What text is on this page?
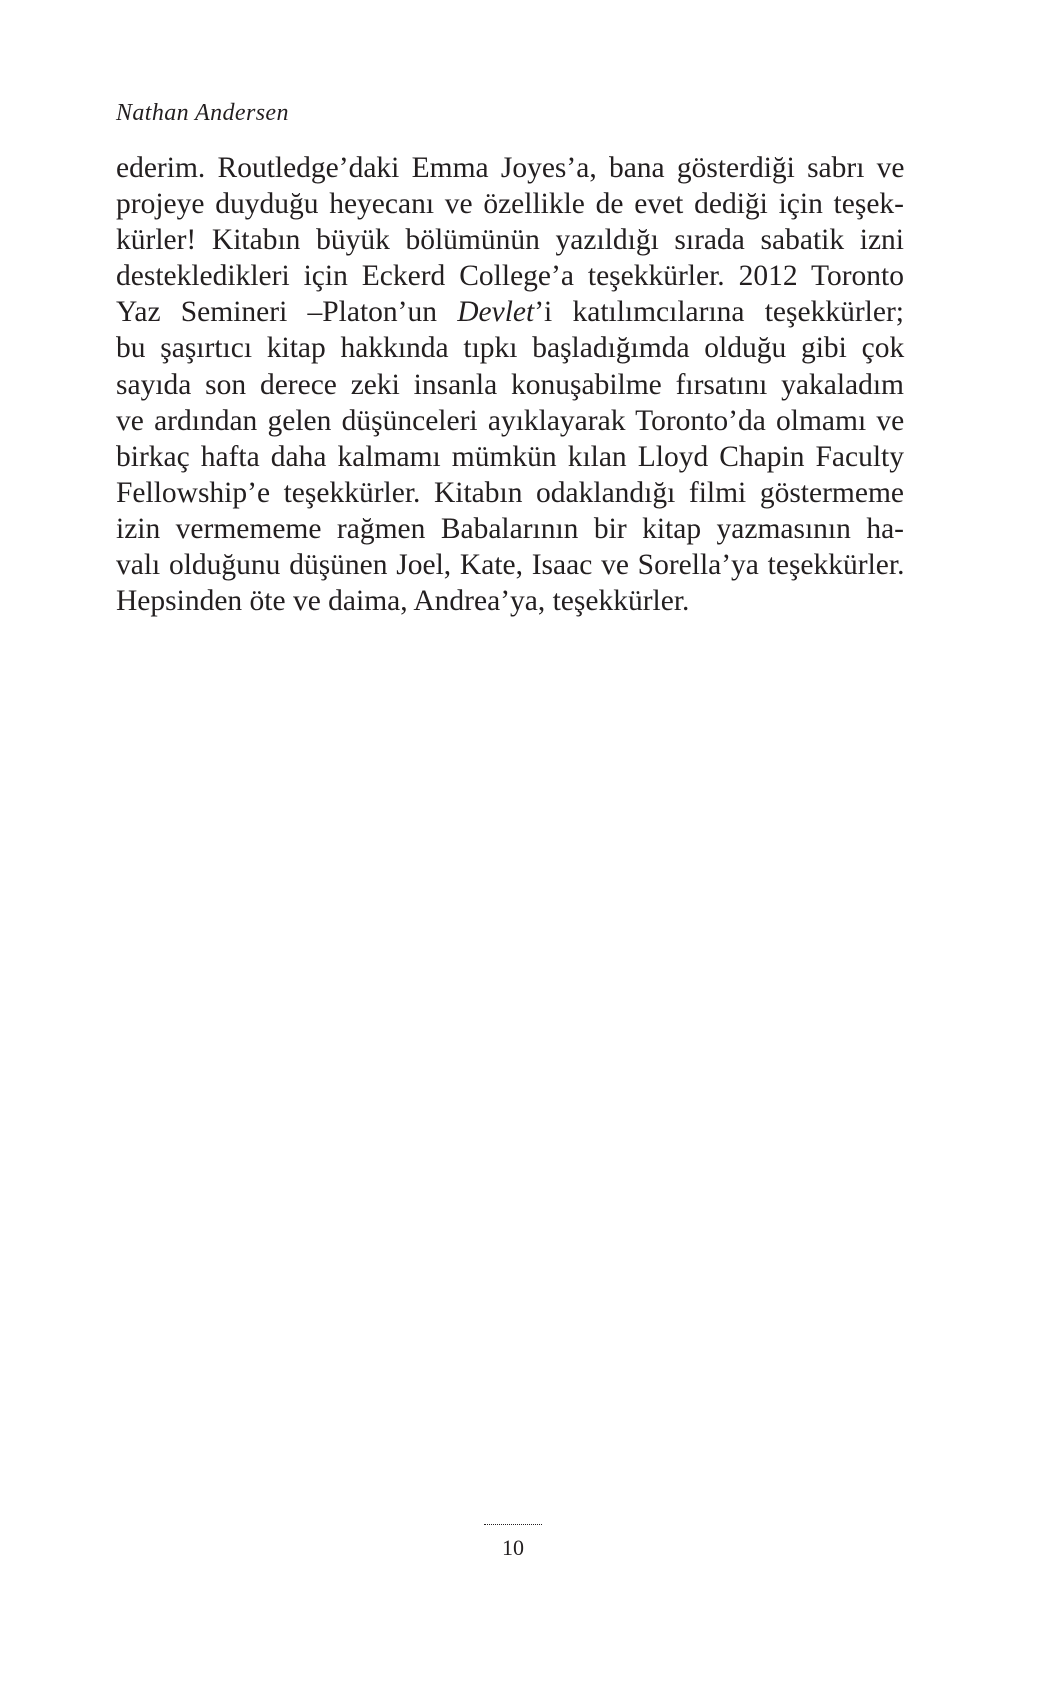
Nathan Andersen

ederim. Routledge’daki Emma Joyes’a, bana gösterdiği sabrı ve
projeye duyduğu heyecanı ve özellikle de evet dediği için teşek-
kürler! Kitabın büyük bölümünün yazıldığı sırada sabatik izni
destekledikleri için Eckerd College’a teşekkürler. 2012 Toronto
Yaz Semineri –Platon’un Devlet’i katılımcılarına teşekkürler;
bu şaşırtıcı kitap hakkında tıpkı başladığımda olduğu gibi çok
sayıda son derece zeki insanla konuşabilme fırsatını yakaladım
ve ardından gelen düşünceleri ayıklayarak Toronto’da olmamı ve
birkaç hafta daha kalmamı mümkün kılan Lloyd Chapin Faculty
Fellowship’e teşekkürler. Kitabın odaklandığı filmi göstermeme
izin vermememe rağmen Babalarının bir kitap yazmasının ha-
valı olduğunu düşünen Joel, Kate, Isaac ve Sorella’ya teşekkürler.
Hepsinden öte ve daima, Andrea’ya, teşekkürler.

10
